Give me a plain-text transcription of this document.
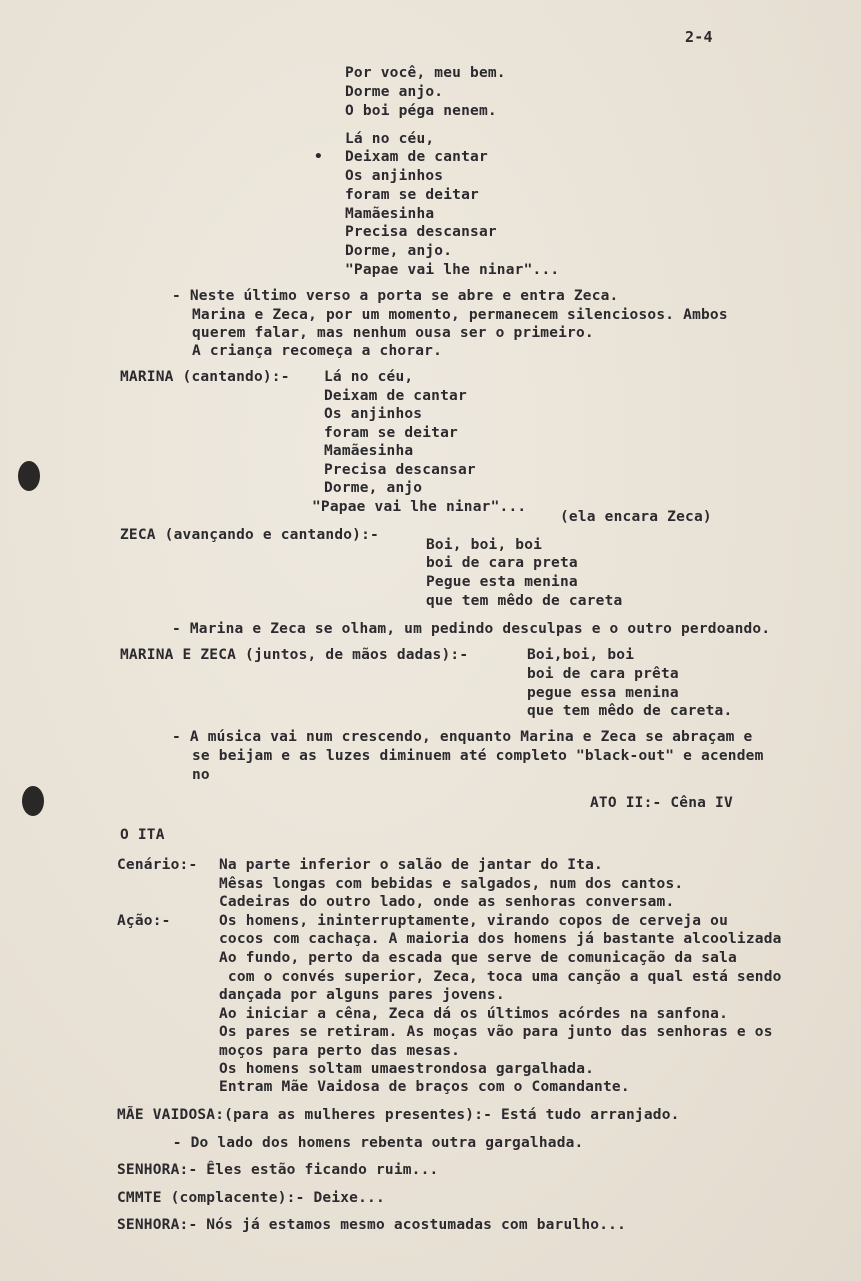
2-4
Por você, meu bem.
Dorme anjo.
O boi péga nenem.
Lá no céu,
• Deixam de cantar
Os anjinhos
foram se deitar
Mamãesinha
Precisa descansar
Dorme, anjo.
"Papae vai lhe ninar"...
- Neste último verso a porta se abre e entra Zeca.
Marina e Zeca, por um momento, permanecem silenciosos. Ambos
querem falar, mas nenhum ousa ser o primeiro.
A criança recomeça a chorar.
MARINA (cantando):- Lá no céu,
Deixam de cantar
Os anjinhos
foram se deitar
Mamãesinha
Precisa descansar
Dorme, anjo
"Papae vai lhe ninar"...
(ela encara Zeca)
ZECA (avançando e cantando):-
Boi, boi, boi
boi de cara preta
Pegue esta menina
que tem mêdo de careta
- Marina e Zeca se olham, um pedindo desculpas e o outro perdoando.
MARINA E ZECA (juntos, de mãos dadas):-	Boi,boi, boi
boi de cara prêta
pegue essa menina
que tem mêdo de careta.
- A música vai num crescendo, enquanto Marina e Zeca se abraçam e
se beijam e as luzes diminuem até completo "black-out" e acendem
no
ATO II:- Cêna IV
O ITA
Cenário:- Na parte inferior o salão de jantar do Ita.
Mêsas longas com bebidas e salgados, num dos cantos.
Cadeiras do outro lado, onde as senhoras conversam.
Ação:-	Os homens, ininterruptamente, virando copos de cerveja ou
cocos com cachaça. A maioria dos homens já bastante alcoolizada
Ao fundo, perto da escada que serve de comunicação da sala
com o convés superior, Zeca, toca uma canção a qual está sendo
dançada por alguns pares jovens.
Ao iniciar a cêna, Zeca dá os últimos acórdes na sanfona.
Os pares se retiram. As moças vão para junto das senhoras e os
moços para perto das mesas.
Os homens soltam umaestrondosa gargalhada.
Entram Mãe Vaidosa de braços com o Comandante.
MÃE VAIDOSA:(para as mulheres presentes):- Está tudo arranjado.
- Do lado dos homens rebenta outra gargalhada.
SENHORA:- Êles estão ficando ruim...
CMMTE (complacente):- Deixe...
SENHORA:- Nós já estamos mesmo acostumadas com barulho...
